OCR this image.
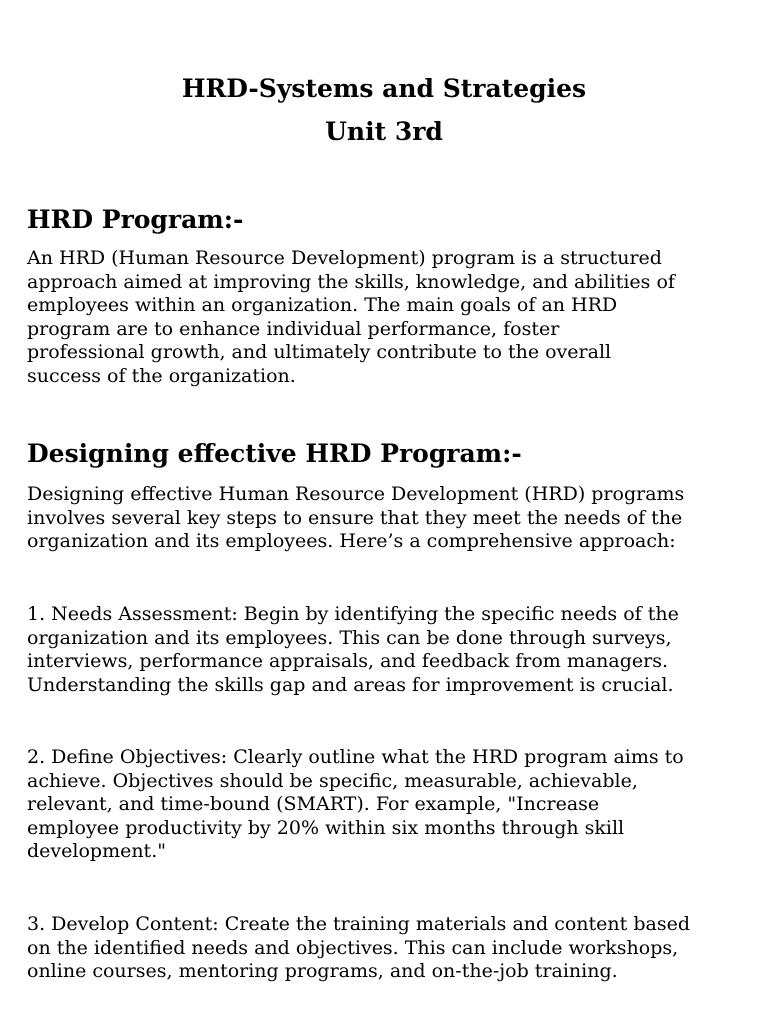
HRD-Systems and Strategies
Unit 3rd
HRD Program:-

An HRD (Human Resource Development) program is a structured
approach aimed at improving the skills, knowledge, and abilities of
employees within an organization. The main goals of an HRD
program are to enhance individual performance, foster
professional growth, and ultimately contribute to the overall
success of the organization.

Designing effective HRD Program:-

Designing effective Human Resource Development (HRD) programs
involves several key steps to ensure that they meet the needs of the
organization and its employees. Here’s a comprehensive approach:

1. Needs Assessment: Begin by identifying the specific needs of the
organization and its employees. This can be done through surveys,
interviews, performance appraisals, and feedback from managers.
Understanding the skills gap and areas for improvement is crucial.

2. Define Objectives: Clearly outline what the HRD program aims to
achieve. Objectives should be specific, measurable, achievable,
relevant, and time-bound (SMART). For example, "Increase
employee productivity by 20% within six months through skill
development."

3. Develop Content: Create the training materials and content based
on the identified needs and objectives. This can include workshops,
online courses, mentoring programs, and on-the-job training.
